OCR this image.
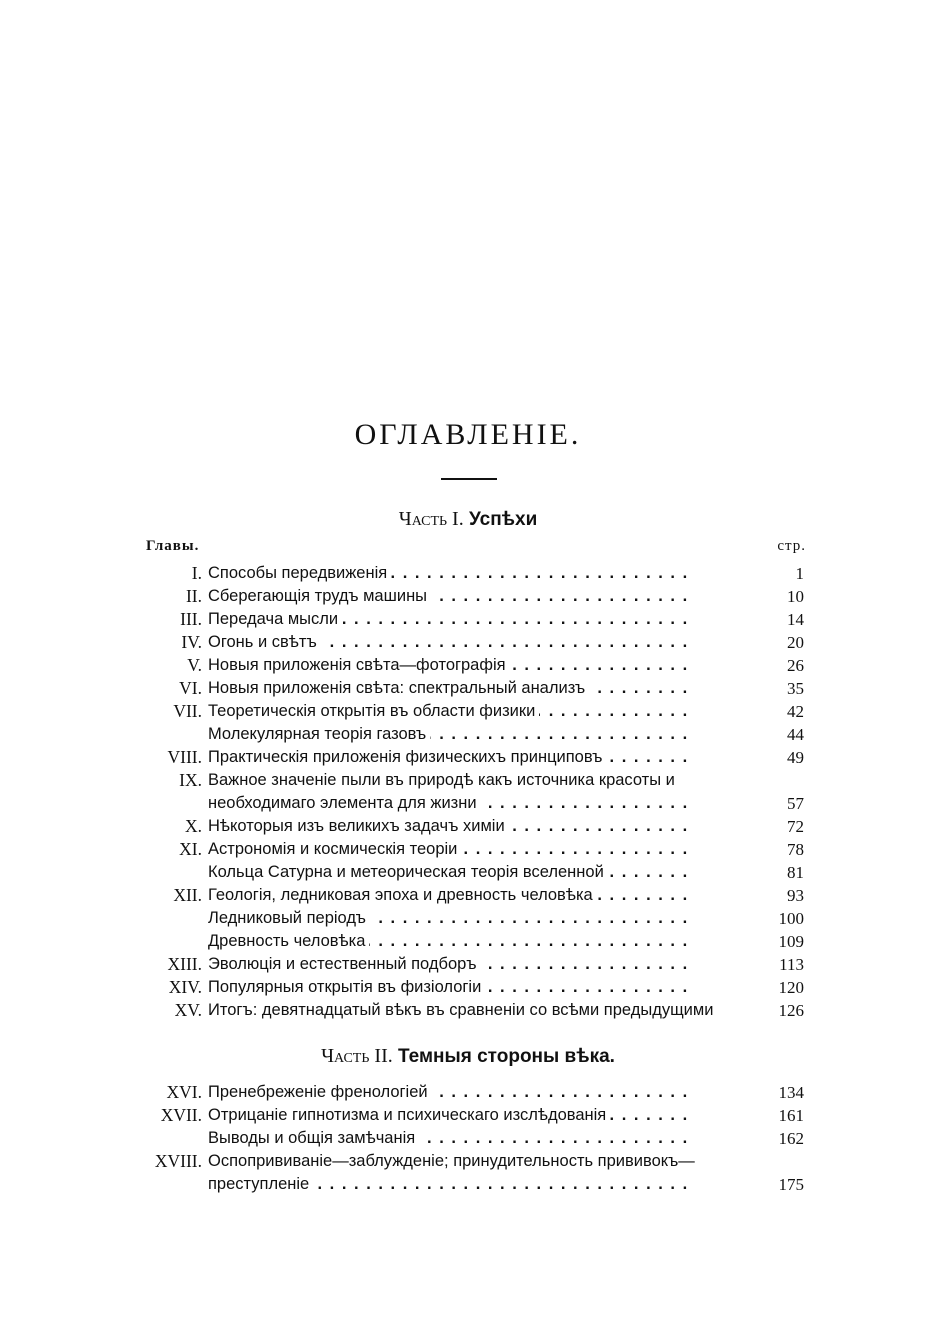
ОГЛАВЛЕНІЕ.
Часть I. Успѣхи
Главы.	стр.
I. Способы передвиженія . .	1
II. Сберегающія трудъ машины . .	10
III. Передача мысли . .	14
IV. Огонь и свѣтъ . .	20
V. Новыя приложенія свѣта—фотографія . .	26
VI. Новыя приложенія свѣта: спектральный анализъ . .	35
VII. Теоретическія открытія въ области физики . .	42
Молекулярная теорія газовъ . .	44
VIII. Практическія приложенія физическихъ принциповъ . .	49
IX. Важное значеніе пыли въ природѣ какъ источника красоты и
необходимаго элемента для жизни . .	57
X. Нѣкоторыя изъ великихъ задачъ химіи . .	72
XI. Астрономія и космическія теоріи . .	78
Кольца Сатурна и метеорическая теорія вселенной . .	81
XII. Геологія, ледниковая эпоха и древность человѣка . .	93
Ледниковый періодъ . .	100
Древность человѣка . .	109
XIII. Эволюція и естественный подборъ . .	113
XIV. Популярныя открытія въ физіологіи . .	120
XV. Итогъ: девятнадцатый вѣкъ въ сравненіи со всѣми предыдущими	126
Часть II. Темныя стороны вѣка.
XVI. Пренебреженіе френологіей . .	134
XVII. Отрицаніе гипнотизма и психическаго изслѣдованія . .	161
Выводы и общія замѣчанія . .	162
XVIII. Оспопрививаніе—заблужденіе; принудительность прививокъ—
преступленіе . .	175
